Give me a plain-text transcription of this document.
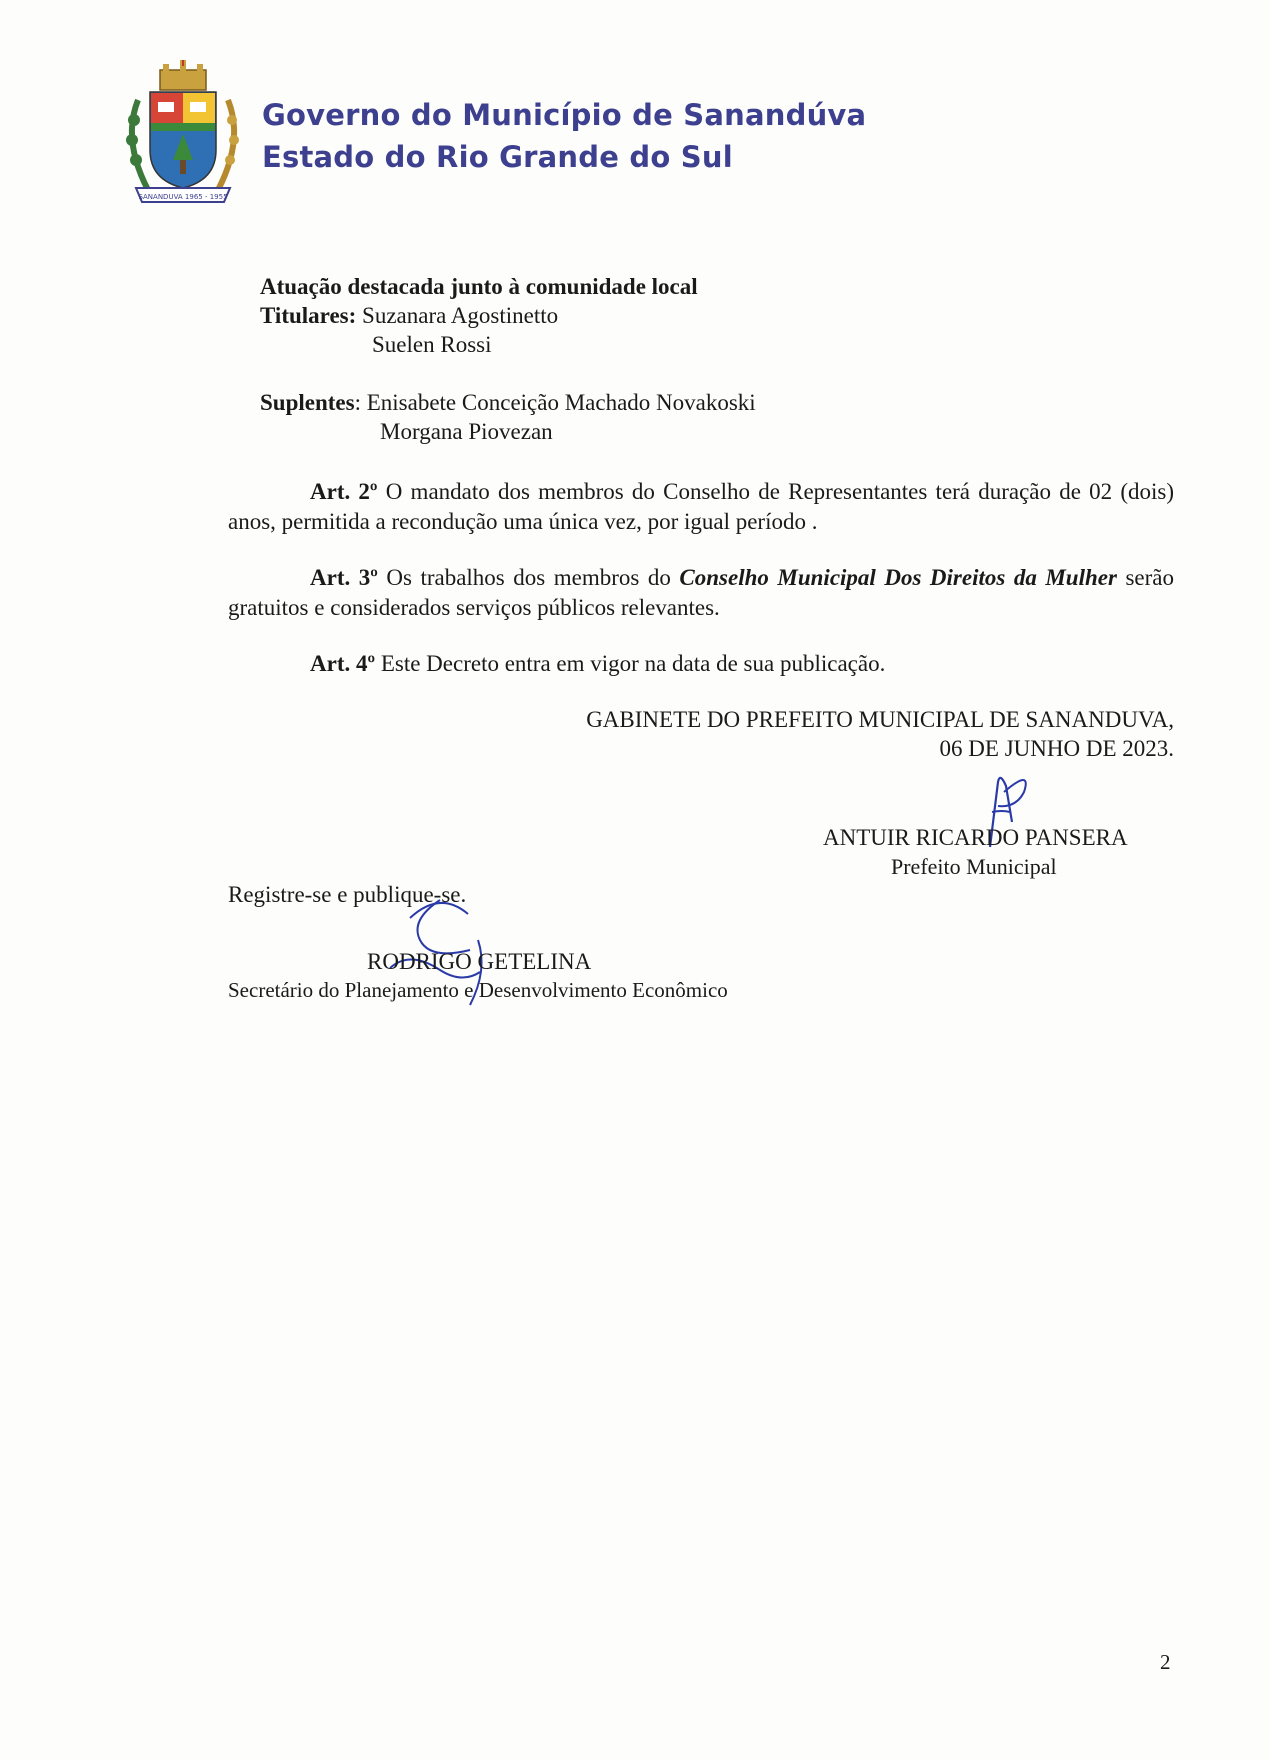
SANANDUVA 1965 - 1955
Governo do Município de Sanandúva
Estado do Rio Grande do Sul
Atuação destacada junto à comunidade local
Titulares: Suzanara Agostinetto
Suelen Rossi
Suplentes: Enisabete Conceição Machado Novakoski
Morgana Piovezan
Art. 2º O mandato dos membros do Conselho de Representantes terá duração de 02 (dois) anos, permitida a recondução uma única vez, por igual período .
Art. 3º Os trabalhos dos membros do Conselho Municipal Dos Direitos da Mulher serão gratuitos e considerados serviços públicos relevantes.
Art. 4º Este Decreto entra em vigor na data de sua publicação.
GABINETE DO PREFEITO MUNICIPAL DE SANANDUVA,
06 DE JUNHO DE 2023.
ANTUIR RICARDO PANSERA
Prefeito Municipal
Registre-se e publique-se.
RODRIGO GETELINA
Secretário do Planejamento e Desenvolvimento Econômico
2
